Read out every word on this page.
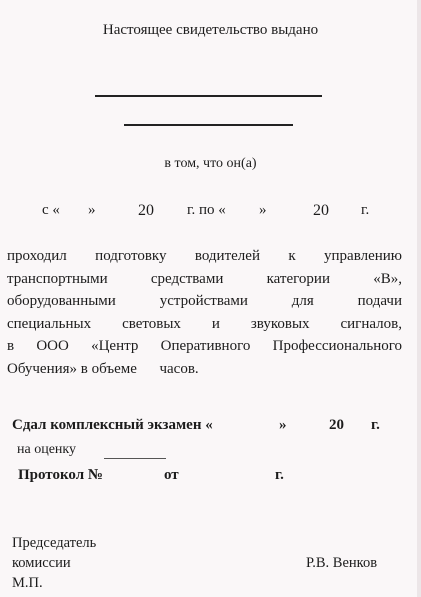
Настоящее свидетельство выдано
в том, что он(а)
с « »	20 г. по « »	20 г.
проходил подготовку водителей к управлению
транспортными	средствами	категории	«В»,
оборудованными	устройствами	для	подачи
специальных световых и звуковых сигналов,
в ООО «Центр Оперативного Профессионального
Обучения» в объеме      часов.
Сдал комплексный экзамен «	»	20 г.
на оценку
Протокол №	от	г.
Председатель
комиссии
М.П.
Р.В. Венков
